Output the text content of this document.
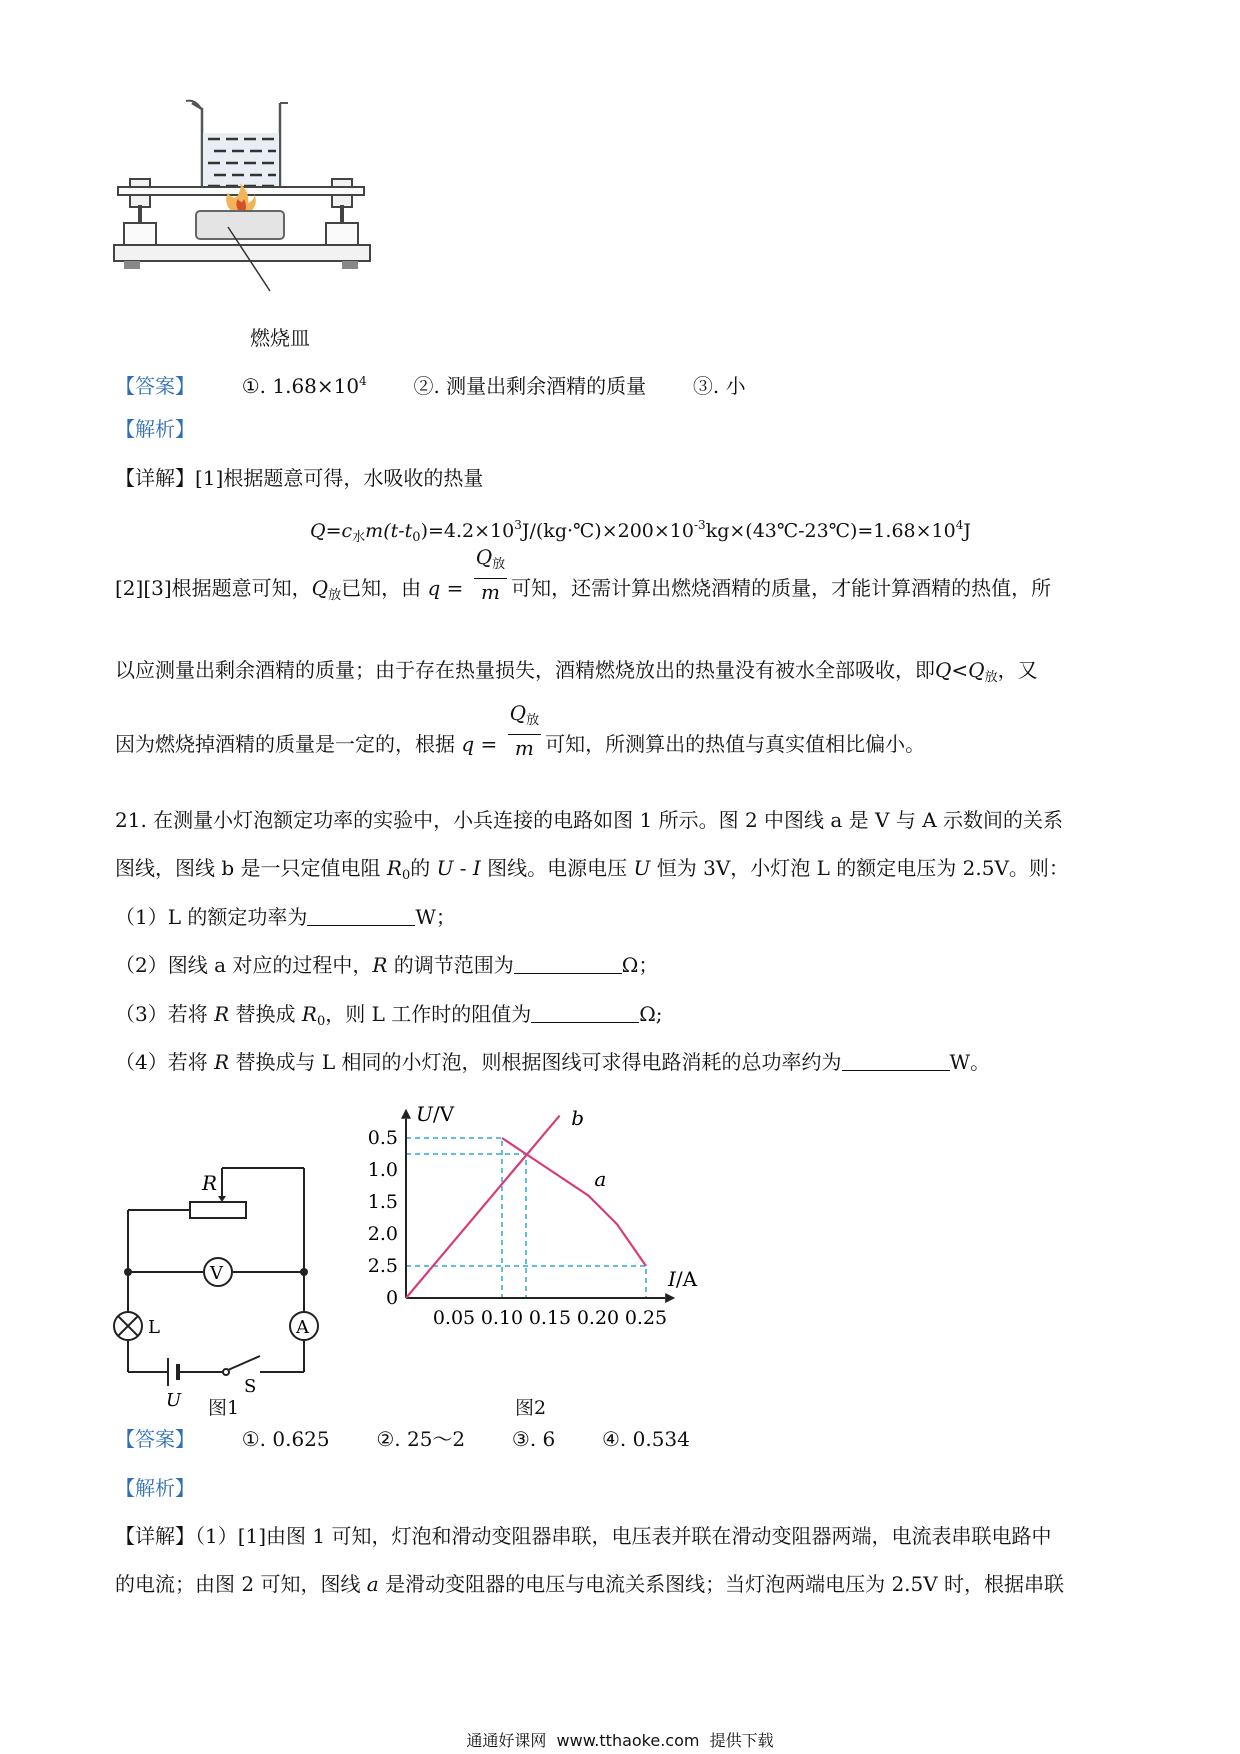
燃烧皿
【答案】 ①. $1.68\times 10^4$ ②. 测量出剩余酒精的质量 ③. 小
【解析】
【详解】[1]根据题意可得，水吸收的热量
$Q=c_水m(t-t_0)=4.2\times 10^3J/(kg\cdot℃)\times 200\times 10^{-3}kg\times(43℃-23℃)=1.68\times 10^4J$
[2][3]根据题意可知，$Q_放$已知，由 $q = \frac{Q_放}{m}$ 可知，还需计算出燃烧酒精的质量，才能计算酒精的热值，所
以应测量出剩余酒精的质量；由于存在热量损失，酒精燃烧放出的热量没有被水全部吸收，即$Q<Q_放$，又
因为燃烧掉酒精的质量是一定的，根据 $q = \frac{Q_放}{m}$ 可知，所测算出的热值与真实值相比偏小。
21. 在测量小灯泡额定功率的实验中，小兵连接的电路如图 1 所示。图 2 中图线 a 是 V 与 A 示数间的关系
图线，图线 b 是一只定值电阻 $R_0$的 U - I 图线。电源电压 U 恒为 3V，小灯泡 L 的额定电压为 2.5V。则：
（1）L 的额定功率为	W；
（2）图线 a 对应的过程中，R 的调节范围为	Ω；
（3）若将 R 替换成 $R_0$，则 L 工作时的阻值为	Ω;
（4）若将 R 替换成与 L 相同的小灯泡，则根据图线可求得电路消耗的总功率约为	W。
R
V
A
L
U
S
图1
2.5
2.0
1.5
1.0
0.5
0.05 0.10 0.15 0.20 0.25
0
U/V
I/A
b
a
图2
【答案】 ①. 0.625 ②. 25～2 ③. 6 ④. 0.534
【解析】
【详解】（1）[1]由图 1 可知，灯泡和滑动变阻器串联，电压表并联在滑动变阻器两端，电流表串联电路中
的电流；由图 2 可知，图线 a 是滑动变阻器的电压与电流关系图线；当灯泡两端电压为 2.5V 时，根据串联
通通好课网  www.tthaoke.com  提供下载
